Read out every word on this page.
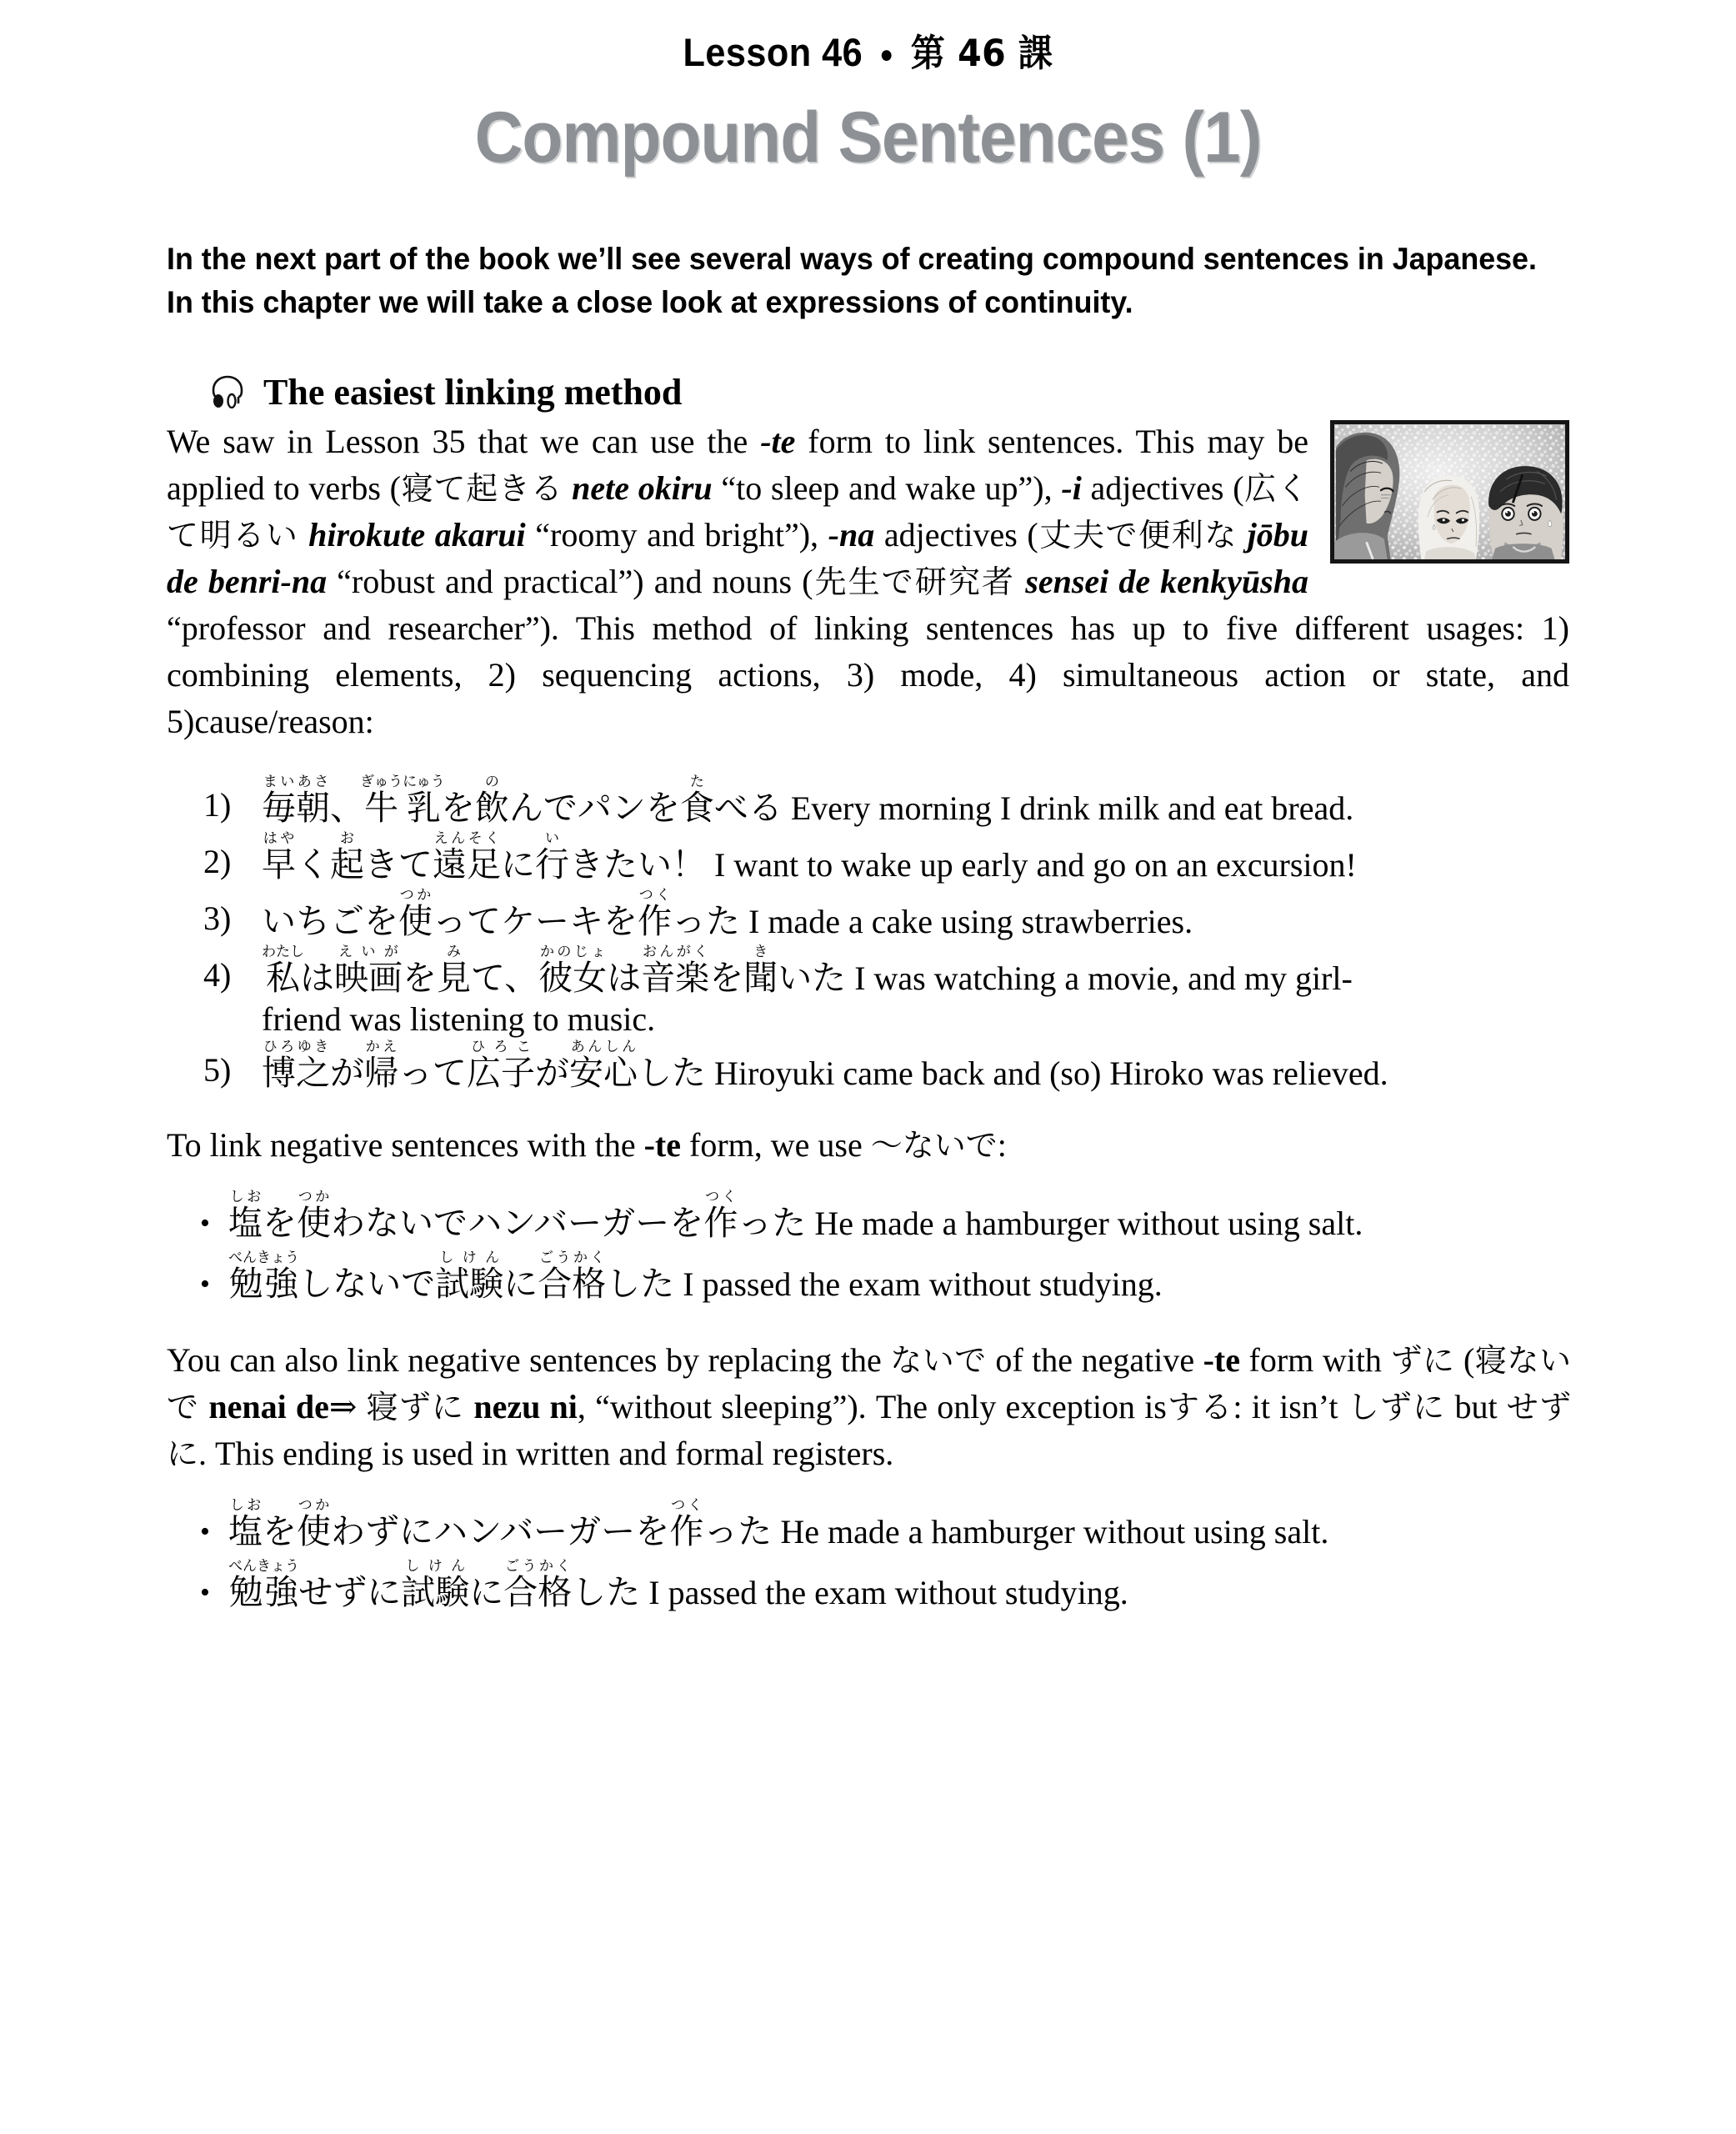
Lesson 46 ● 第 46 課
Compound Sentences (1)
In the next part of the book we’ll see several ways of creating compound sentences in Japanese. In this chapter we will take a close look at expressions of continuity.
The easiest linking method
We saw in Lesson 35 that we can use the -te form to link sentences. This may be applied to verbs (寝て起きる nete okiru “to sleep and wake up”), -i adjectives (広くて明るい hirokute akarui “roomy and bright”), -na adjectives (丈夫で便利な jōbu de benri-na “robust and practical”) and nouns (先生で研究者 sensei de kenkyūsha “professor and researcher”). This method of linking sentences has up to five different usages: 1) combining elements, 2) sequencing actions, 3) mode, 4) simultaneous action or state, and 5)cause/reason:
1) 毎朝まいあさ、牛乳ぎゅうにゅうを飲のんでパンを食たべる Every morning I drink milk and eat bread.
2) 早はやく起おきて遠足えんそくに行いきたい！ I want to wake up early and go on an excursion!
3) いちごを使つかってケーキを作つくった I made a cake using strawberries.
4) 私わたしは映画えいがを見みて、彼女かのじょは音楽おんがくを聞きいた I was watching a movie, and my girl-
friend was listening to music.
5) 博之ひろゆきが帰かえって広子ひろこが安心あんしんした Hiroyuki came back and (so) Hiroko was relieved.
To link negative sentences with the -te form, we use 〜ないで:
• 塩しおを使つかわないでハンバーガーを作つくった He made a hamburger without using salt.
• 勉強べんきょうしないで試験しけんに合格ごうかくした I passed the exam without studying.
You can also link negative sentences by replacing the ないで of the negative -te form with ずに (寝ないで nenai de⇒ 寝ずに nezu ni, “without sleeping”). The only exception isする: it isn’t しずに but せずに. This ending is used in written and formal registers.
• 塩しおを使つかわずにハンバーガーを作つくった He made a hamburger without using salt.
• 勉強べんきょうせずに試験しけんに合格ごうかくした I passed the exam without studying.
